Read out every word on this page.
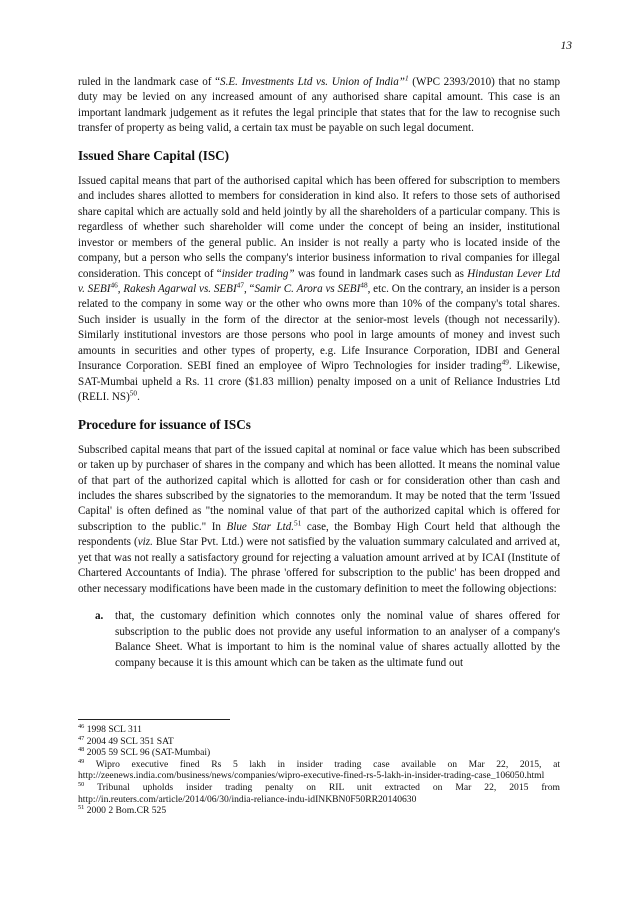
13

ruled in the landmark case of “S.E. Investments Ltd vs. Union of India”$^1$ (WPC 2393/2010) that no stamp duty may be levied on any increased amount of any authorised share capital amount. This case is an important landmark judgement as it refutes the legal principle that states that for the law to recognise such transfer of property as being valid, a certain tax must be payable on such legal document.

Issued Share Capital (ISC)

Issued capital means that part of the authorised capital which has been offered for subscription to members and includes shares allotted to members for consideration in kind also. It refers to those sets of authorised share capital which are actually sold and held jointly by all the shareholders of a particular company. This is regardless of whether such shareholder will come under the concept of being an insider, institutional investor or members of the general public. An insider is not really a party who is located inside of the company, but a person who sells the company's interior business information to rival companies for illegal consideration. This concept of “insider trading” was found in landmark cases such as Hindustan Lever Ltd v. SEBI$^{46}$, Rakesh Agarwal vs. SEBI$^{47}$, “Samir C. Arora vs SEBI$^{48}$, etc. On the contrary, an insider is a person related to the company in some way or the other who owns more than 10% of the company's total shares. Such insider is usually in the form of the director at the senior-most levels (though not necessarily). Similarly institutional investors are those persons who pool in large amounts of money and invest such amounts in securities and other types of property, e.g. Life Insurance Corporation, IDBI and General Insurance Corporation. SEBI fined an employee of Wipro Technologies for insider trading$^{49}$. Likewise, SAT-Mumbai upheld a Rs. 11 crore ($1.83 million) penalty imposed on a unit of Reliance Industries Ltd (RELI. NS)$^{50}$.

Procedure for issuance of ISCs

Subscribed capital means that part of the issued capital at nominal or face value which has been subscribed or taken up by purchaser of shares in the company and which has been allotted. It means the nominal value of that part of the authorized capital which is allotted for cash or for consideration other than cash and includes the shares subscribed by the signatories to the memorandum. It may be noted that the term 'Issued Capital' is often defined as "the nominal value of that part of the authorized capital which is offered for subscription to the public." In Blue Star Ltd.$^{51}$ case, the Bombay High Court held that although the respondents (viz. Blue Star Pvt. Ltd.) were not satisfied by the valuation summary calculated and arrived at, yet that was not really a satisfactory ground for rejecting a valuation amount arrived at by ICAI (Institute of Chartered Accountants of India). The phrase 'offered for subscription to the public' has been dropped and other necessary modifications have been made in the customary definition to meet the following objections:

a.	that, the customary definition which connotes only the nominal value of shares offered for subscription to the public does not provide any useful information to an analyser of a company's Balance Sheet. What is important to him is the nominal value of shares actually allotted by the company because it is this amount which can be taken as the ultimate fund out

$^{46}$ 1998 SCL 311

$^{47}$ 2004 49 SCL 351 SAT

$^{48}$ 2005 59 SCL 96 (SAT-Mumbai)

$^{49}$ Wipro executive fined Rs 5 lakh in insider trading case available on Mar 22, 2015, at http://zeenews.india.com/business/news/companies/wipro-executive-fined-rs-5-lakh-in-insider-trading-case_106050.html

$^{50}$ Tribunal upholds insider trading penalty on RIL unit extracted on Mar 22, 2015 from http://in.reuters.com/article/2014/06/30/india-reliance-indu-idINKBN0F50RR20140630

$^{51}$ 2000 2 Bom.CR 525
